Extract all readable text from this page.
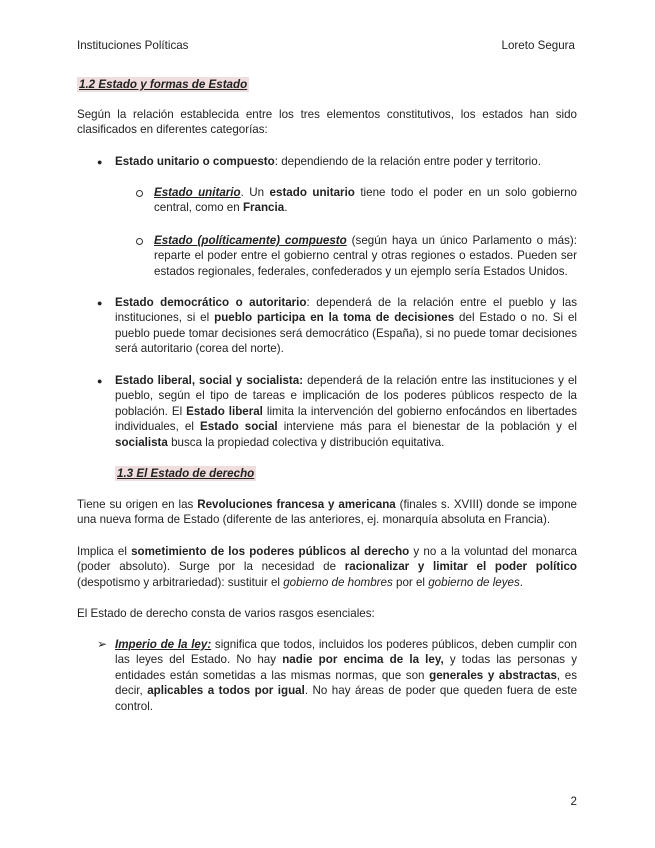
Instituciones Políticas	Loreto Segura
1.2 Estado y formas de Estado
Según la relación establecida entre los tres elementos constitutivos, los estados han sido clasificados en diferentes categorías:
● Estado unitario o compuesto: dependiendo de la relación entre poder y territorio.
Estado unitario. Un estado unitario tiene todo el poder en un solo gobierno central, como en Francia.
Estado (políticamente) compuesto (según haya un único Parlamento o más): reparte el poder entre el gobierno central y otras regiones o estados. Pueden ser estados regionales, federales, confederados y un ejemplo sería Estados Unidos.
● Estado democrático o autoritario: dependerá de la relación entre el pueblo y las instituciones, si el pueblo participa en la toma de decisiones del Estado o no. Si el pueblo puede tomar decisiones será democrático (España), si no puede tomar decisiones será autoritario (corea del norte).
● Estado liberal, social y socialista: dependerá de la relación entre las instituciones y el pueblo, según el tipo de tareas e implicación de los poderes públicos respecto de la población. El Estado liberal limita la intervención del gobierno enfocándos en libertades individuales, el Estado social interviene más para el bienestar de la población y el socialista busca la propiedad colectiva y distribución equitativa.
1.3 El Estado de derecho
Tiene su origen en las Revoluciones francesa y americana (finales s. XVIII) donde se impone una nueva forma de Estado (diferente de las anteriores, ej. monarquía absoluta en Francia).
Implica el sometimiento de los poderes públicos al derecho y no a la voluntad del monarca (poder absoluto). Surge por la necesidad de racionalizar y limitar el poder político (despotismo y arbitrariedad): sustituir el gobierno de hombres por el gobierno de leyes.
El Estado de derecho consta de varios rasgos esenciales:
➢ Imperio de la ley: significa que todos, incluidos los poderes públicos, deben cumplir con las leyes del Estado. No hay nadie por encima de la ley, y todas las personas y entidades están sometidas a las mismas normas, que son generales y abstractas, es decir, aplicables a todos por igual. No hay áreas de poder que queden fuera de este control.
2
